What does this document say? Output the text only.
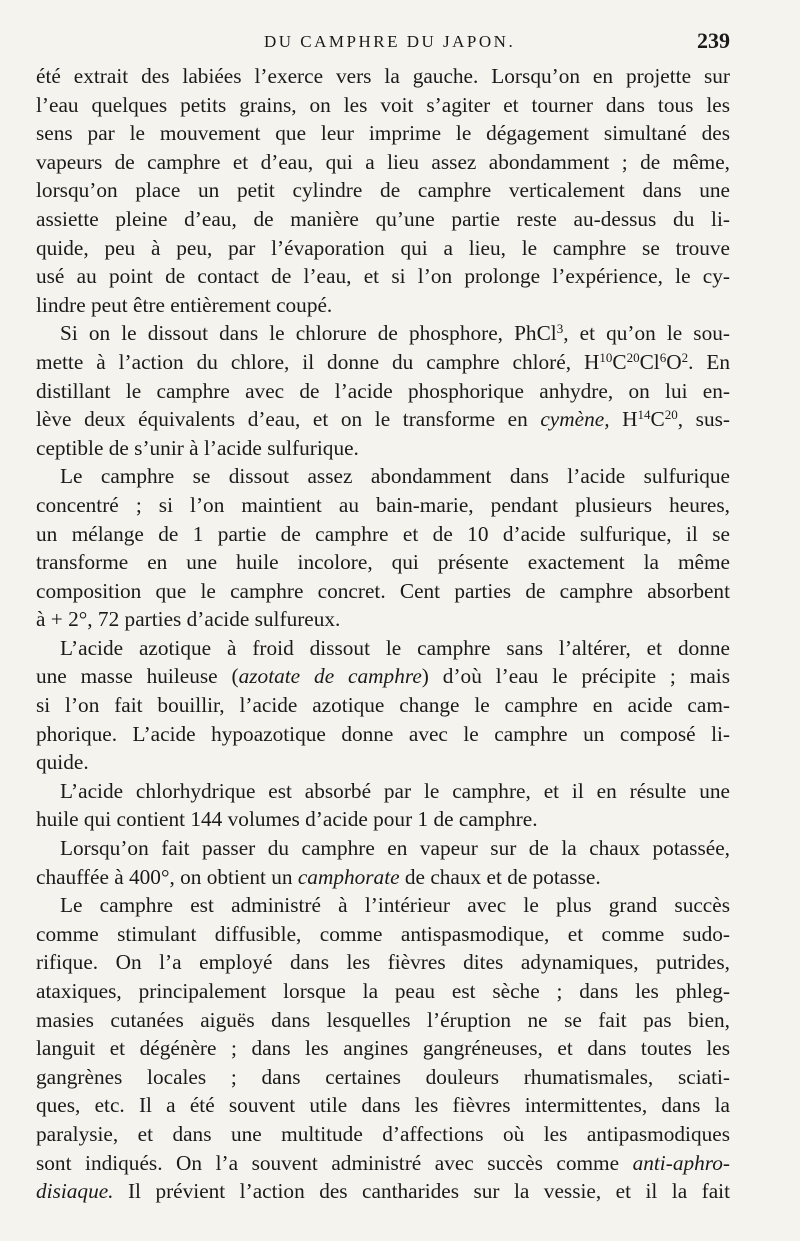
DU CAMPHRE DU JAPON.	239
été extrait des labiées l’exerce vers la gauche. Lorsqu’on en projette sur
l’eau quelques petits grains, on les voit s’agiter et tourner dans tous les
sens par le mouvement que leur imprime le dégagement simultané des
vapeurs de camphre et d’eau, qui a lieu assez abondamment ; de même,
lorsqu’on place un petit cylindre de camphre verticalement dans une
assiette pleine d’eau, de manière qu’une partie reste au-dessus du li-
quide, peu à peu, par l’évaporation qui a lieu, le camphre se trouve
usé au point de contact de l’eau, et si l’on prolonge l’expérience, le cy-
lindre peut être entièrement coupé.
Si on le dissout dans le chlorure de phosphore, PhCl$^3$, et qu’on le sou-
mette à l’action du chlore, il donne du camphre chloré, $H^{10}C^{20}Cl^6O^2$. En
distillant le camphre avec de l’acide phosphorique anhydre, on lui en-
lève deux équivalents d’eau, et on le transforme en cymène, $H^{14}C^{20}$, sus-
ceptible de s’unir à l’acide sulfurique.
Le camphre se dissout assez abondamment dans l’acide sulfurique
concentré ; si l’on maintient au bain-marie, pendant plusieurs heures,
un mélange de 1 partie de camphre et de 10 d’acide sulfurique, il se
transforme en une huile incolore, qui présente exactement la même
composition que le camphre concret. Cent parties de camphre absorbent
à + 2°, 72 parties d’acide sulfureux.
L’acide azotique à froid dissout le camphre sans l’altérer, et donne
une masse huileuse (azotate de camphre) d’où l’eau le précipite ; mais
si l’on fait bouillir, l’acide azotique change le camphre en acide cam-
phorique. L’acide hypoazotique donne avec le camphre un composé li-
quide.
L’acide chlorhydrique est absorbé par le camphre, et il en résulte une
huile qui contient 144 volumes d’acide pour 1 de camphre.
Lorsqu’on fait passer du camphre en vapeur sur de la chaux potassée,
chauffée à 400°, on obtient un camphorate de chaux et de potasse.
Le camphre est administré à l’intérieur avec le plus grand succès
comme stimulant diffusible, comme antispasmodique, et comme sudo-
rifique. On l’a employé dans les fièvres dites adynamiques, putrides,
ataxiques, principalement lorsque la peau est sèche ; dans les phleg-
masies cutanées aiguës dans lesquelles l’éruption ne se fait pas bien,
languit et dégénère ; dans les angines gangréneuses, et dans toutes les
gangrènes locales ; dans certaines douleurs rhumatismales, sciati-
ques, etc. Il a été souvent utile dans les fièvres intermittentes, dans la
paralysie, et dans une multitude d’affections où les antipasmodiques
sont indiqués. On l’a souvent administré avec succès comme anti-aphro-
disiaque. Il prévient l’action des cantharides sur la vessie, et il la fait
